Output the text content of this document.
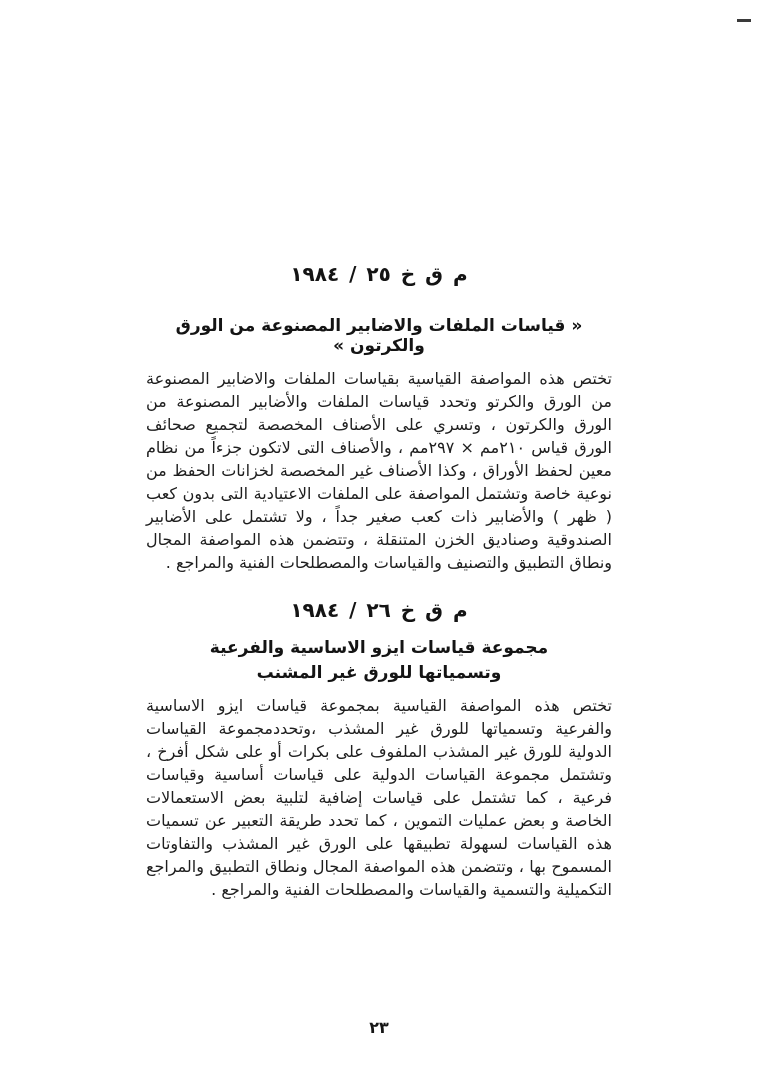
م ق خ ٢٥ / ١٩٨٤
« قياسات الملفات والاضابير المصنوعة من الورق والكرتون »

تختص هذه المواصفة القياسية بقياسات الملفات والاضابير المصنوعة من الورق والكرتو وتحدد قياسات الملفات والأضابير المصنوعة من الورق والكرتون ، وتسري على الأصناف المخصصة لتجميع صحائف الورق قياس ٢١٠مم × ٢٩٧مم ، والأصناف التى لاتكون جزءاً من نظام معين لحفظ الأوراق ، وكذا الأصناف غير المخصصة لخزانات الحفظ من نوعية خاصة وتشتمل المواصفة على الملفات الاعتيادية التى بدون كعب ( ظهر ) والأضابير ذات كعب صغير جداً ، ولا تشتمل على الأضابير الصندوقية وصناديق الخزن المتنقلة ، وتتضمن هذه المواصفة المجال ونطاق التطبيق والتصنيف والقياسات والمصطلحات الفنية والمراجع .

م ق خ ٢٦ / ١٩٨٤
مجموعة قياسات ايزو الاساسية والفرعية
وتسمياتها للورق غير المشنب

تختص هذه المواصفة القياسية بمجموعة قياسات ايزو الاساسية والفرعية وتسمياتها للورق غير المشذب ،وتحددمجموعة القياسات الدولية للورق غير المشذب الملفوف على بكرات أو على شكل أفرخ ، وتشتمل مجموعة القياسات الدولية على قياسات أساسية وقياسات فرعية ، كما تشتمل على قياسات إضافية لتلبية بعض الاستعمالات الخاصة و بعض عمليات التموين ، كما تحدد طريقة التعبير عن تسميات هذه القياسات لسهولة تطبيقها على الورق غير المشذب والتفاوتات المسموح بها ، وتتضمن هذه المواصفة المجال ونطاق التطبيق والمراجع التكميلية والتسمية والقياسات والمصطلحات الفنية والمراجع .

٢٣
